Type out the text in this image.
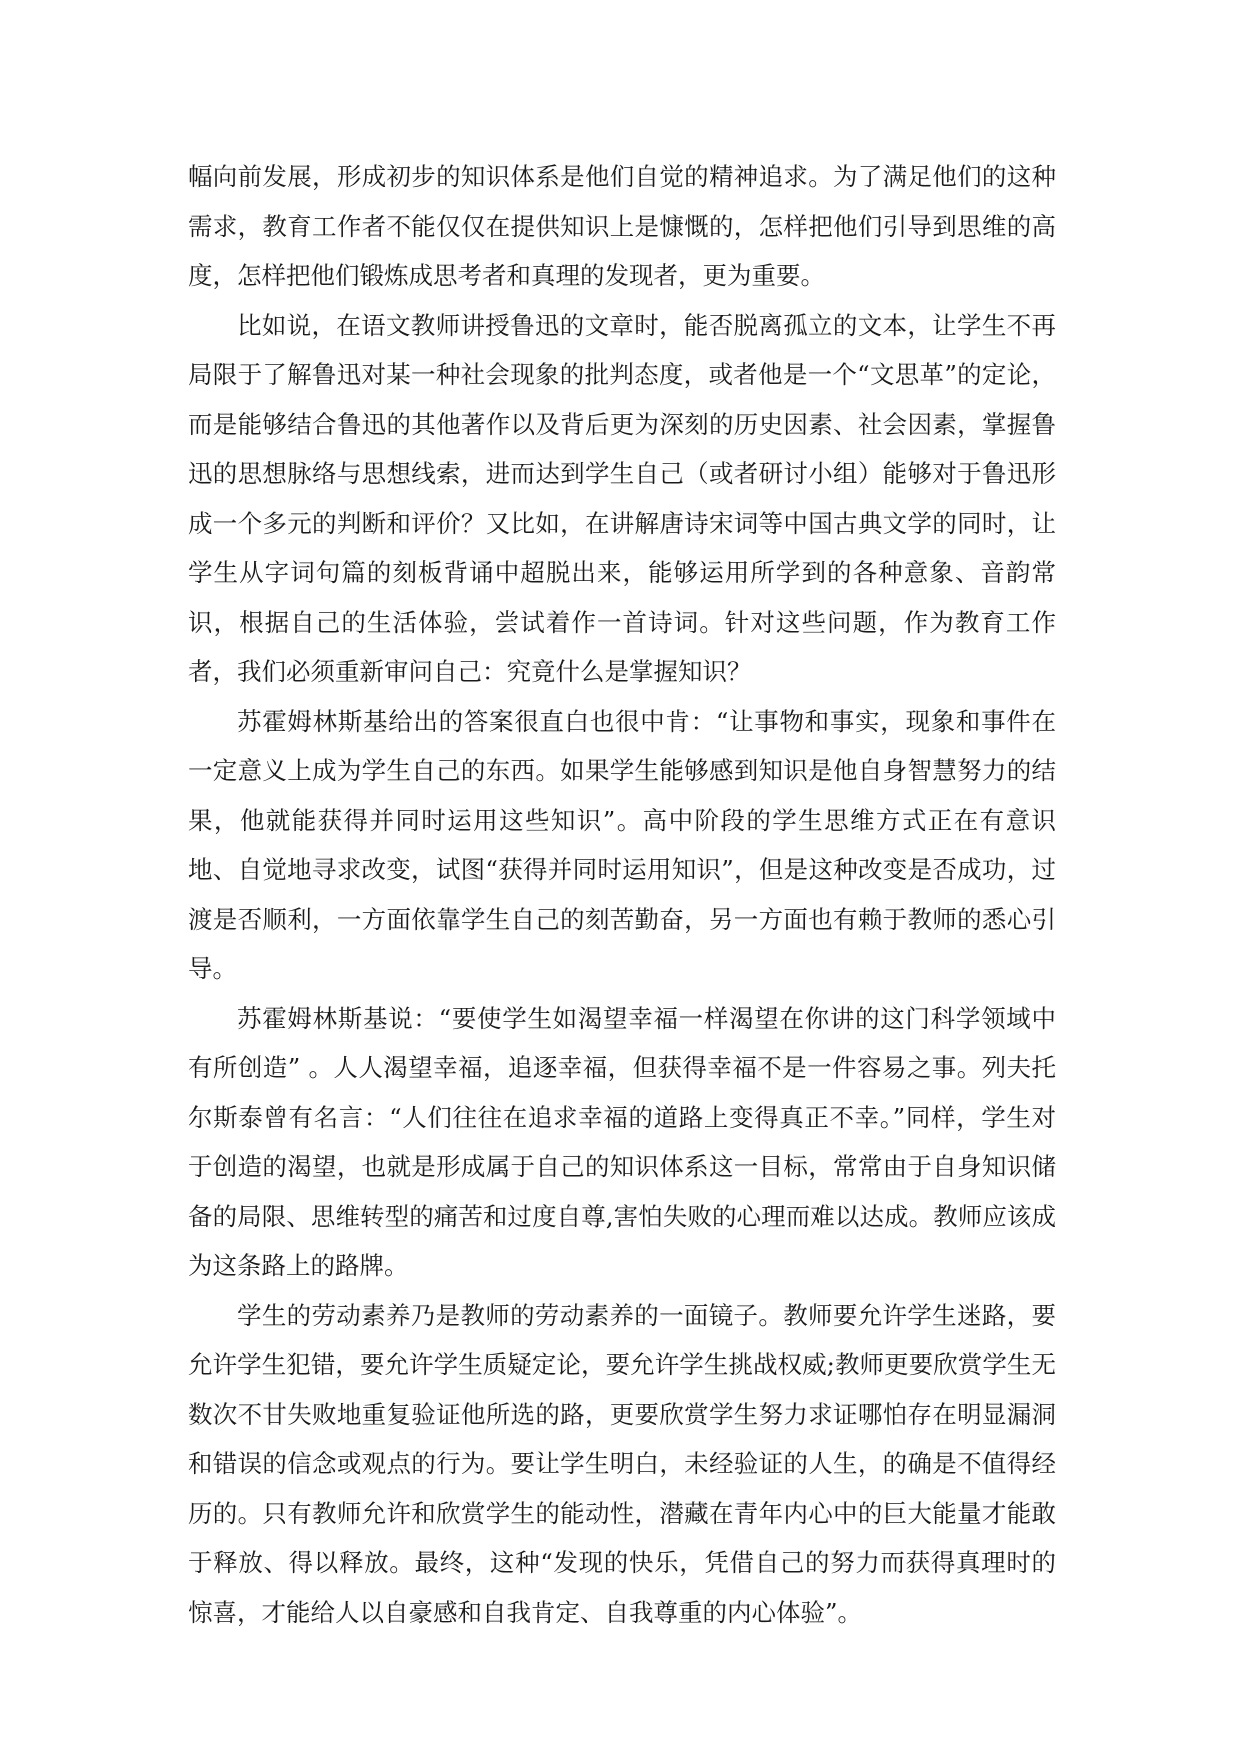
幅向前发展，形成初步的知识体系是他们自觉的精神追求。为了满足他们的这种需求，教育工作者不能仅仅在提供知识上是慷慨的，怎样把他们引导到思维的高度，怎样把他们锻炼成思考者和真理的发现者，更为重要。

比如说，在语文教师讲授鲁迅的文章时，能否脱离孤立的文本，让学生不再局限于了解鲁迅对某一种社会现象的批判态度，或者他是一个“文思革”的定论，而是能够结合鲁迅的其他著作以及背后更为深刻的历史因素、社会因素，掌握鲁迅的思想脉络与思想线索，进而达到学生自己（或者研讨小组）能够对于鲁迅形成一个多元的判断和评价？又比如，在讲解唐诗宋词等中国古典文学的同时，让学生从字词句篇的刻板背诵中超脱出来，能够运用所学到的各种意象、音韵常识，根据自己的生活体验，尝试着作一首诗词。针对这些问题，作为教育工作者，我们必须重新审问自己：究竟什么是掌握知识？

苏霍姆林斯基给出的答案很直白也很中肯：“让事物和事实，现象和事件在一定意义上成为学生自己的东西。如果学生能够感到知识是他自身智慧努力的结果，他就能获得并同时运用这些知识”。高中阶段的学生思维方式正在有意识地、自觉地寻求改变，试图“获得并同时运用知识”，但是这种改变是否成功，过渡是否顺利，一方面依靠学生自己的刻苦勤奋，另一方面也有赖于教师的悉心引导。

苏霍姆林斯基说：“要使学生如渴望幸福一样渴望在你讲的这门科学领域中有所创造” 。人人渴望幸福，追逐幸福，但获得幸福不是一件容易之事。列夫托尔斯泰曾有名言：“人们往往在追求幸福的道路上变得真正不幸。”同样，学生对于创造的渴望，也就是形成属于自己的知识体系这一目标，常常由于自身知识储备的局限、思维转型的痛苦和过度自尊,害怕失败的心理而难以达成。教师应该成为这条路上的路牌。

学生的劳动素养乃是教师的劳动素养的一面镜子。教师要允许学生迷路，要允许学生犯错，要允许学生质疑定论，要允许学生挑战权威;教师更要欣赏学生无数次不甘失败地重复验证他所选的路，更要欣赏学生努力求证哪怕存在明显漏洞和错误的信念或观点的行为。要让学生明白，未经验证的人生，的确是不值得经历的。只有教师允许和欣赏学生的能动性，潜藏在青年内心中的巨大能量才能敢于释放、得以释放。最终，这种“发现的快乐，凭借自己的努力而获得真理时的惊喜，才能给人以自豪感和自我肯定、自我尊重的内心体验”。
